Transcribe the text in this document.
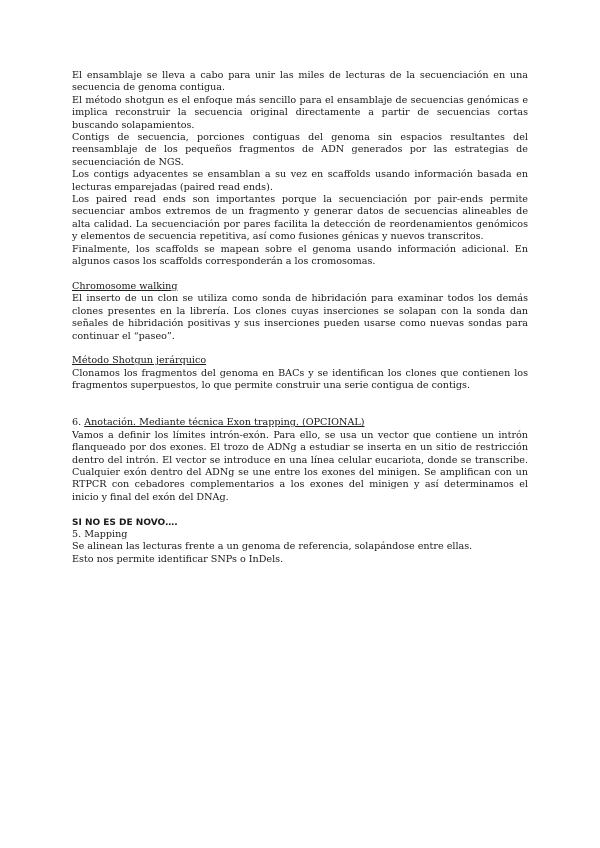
El ensamblaje se lleva a cabo para unir las miles de lecturas de la secuenciación en una secuencia de genoma contigua.

El método shotgun es el enfoque más sencillo para el ensamblaje de secuencias genómicas e implica reconstruir la secuencia original directamente a partir de secuencias cortas buscando solapamientos.

Contigs de secuencia, porciones contiguas del genoma sin espacios resultantes del reensamblaje de los pequeños fragmentos de ADN generados por las estrategias de secuenciación de NGS.

Los contigs adyacentes se ensamblan a su vez en scaffolds usando información basada en lecturas emparejadas (paired read ends).

Los paired read ends son importantes porque la secuenciación por pair-ends permite secuenciar ambos extremos de un fragmento y generar datos de secuencias alineables de alta calidad. La secuenciación por pares facilita la detección de reordenamientos genómicos y elementos de secuencia repetitiva, así como fusiones génicas y nuevos transcritos.

Finalmente, los scaffolds se mapean sobre el genoma usando información adicional. En algunos casos los scaffolds corresponderán a los cromosomas.

Chromosome walking

El inserto de un clon se utiliza como sonda de hibridación para examinar todos los demás clones presentes en la librería. Los clones cuyas inserciones se solapan con la sonda dan señales de hibridación positivas y sus inserciones pueden usarse como nuevas sondas para continuar el “paseo”.

Método Shotgun jerárquico

Clonamos los fragmentos del genoma en BACs y se identifican los clones que contienen los fragmentos superpuestos, lo que permite construir una serie contigua de contigs.

6. Anotación. Mediante técnica Exon trapping. (OPCIONAL)

Vamos a definir los límites intrón-exón. Para ello, se usa un vector que contiene un intrón flanqueado por dos exones. El trozo de ADNg a estudiar se inserta en un sitio de restricción dentro del intrón. El vector se introduce en una línea celular eucariota, donde se transcribe. Cualquier exón dentro del ADNg se une entre los exones del minigen. Se amplifican con un RTPCR con cebadores complementarios a los exones del minigen y así determinamos el inicio y final del exón del DNAg.

SI NO ES DE NOVO….

5. Mapping

Se alinean las lecturas frente a un genoma de referencia, solapándose entre ellas.

Esto nos permite identificar SNPs o InDels.
